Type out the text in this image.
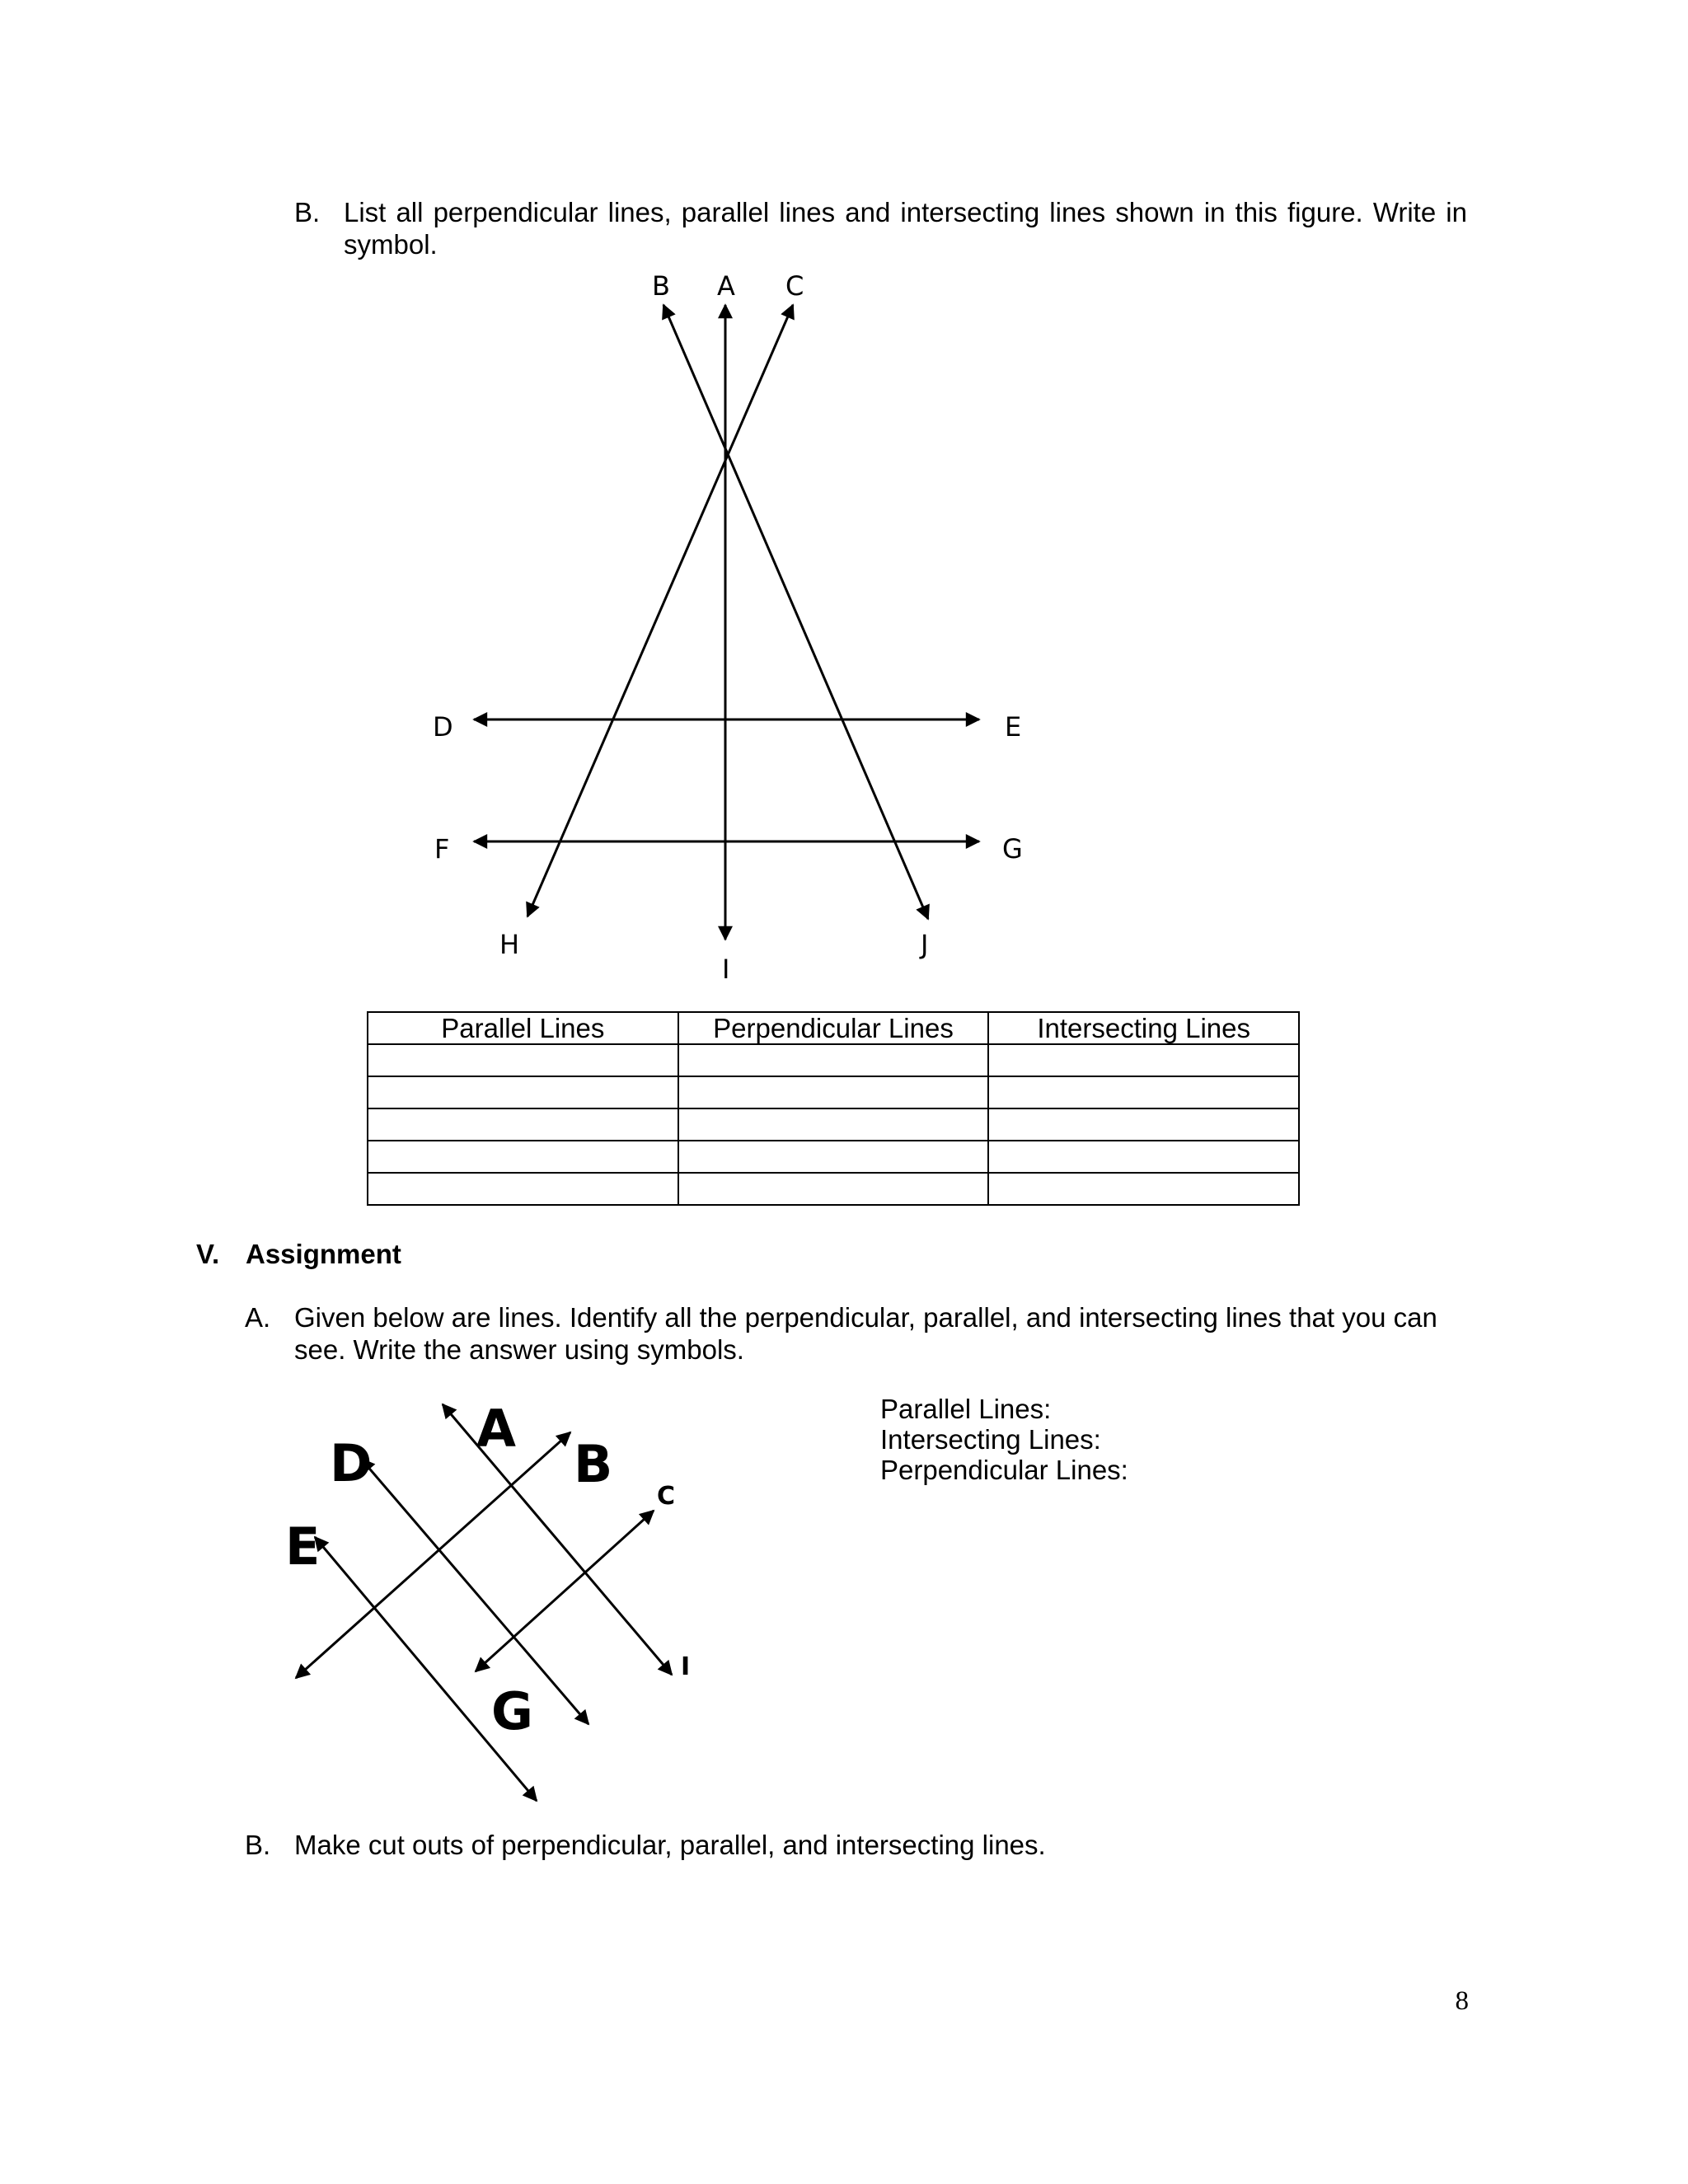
B. List all perpendicular lines, parallel lines and intersecting lines shown in this figure. Write in symbol.
B A C
D	E
F	G
H
I
J
Parallel Lines	Perpendicular Lines	Intersecting Lines

V. Assignment
A. Given below are lines. Identify all the perpendicular, parallel, and intersecting lines that you can see. Write the answer using symbols.
A
B
D
E
G
C
I
Parallel Lines:
Intersecting Lines:
Perpendicular Lines:
B. Make cut outs of perpendicular, parallel, and intersecting lines.
8
